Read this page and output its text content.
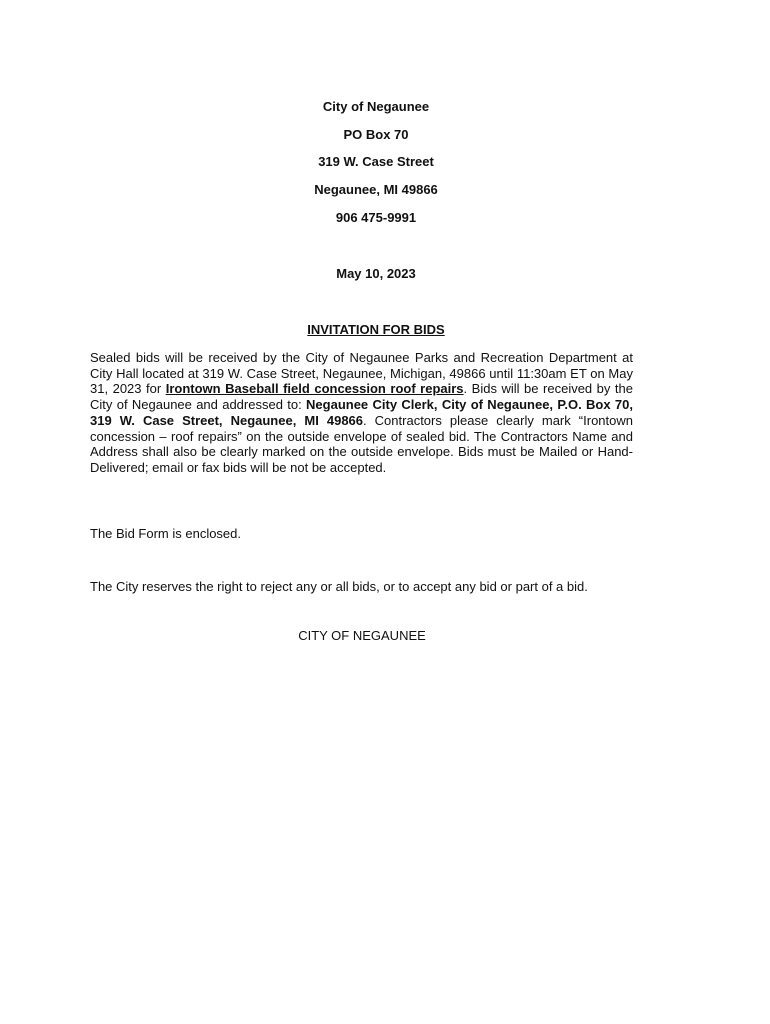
City of Negaunee
PO Box 70
319 W. Case Street
Negaunee, MI 49866
906 475-9991
May 10, 2023
INVITATION FOR BIDS
Sealed bids will be received by the City of Negaunee Parks and Recreation Department at City Hall located at 319 W. Case Street, Negaunee, Michigan, 49866 until 11:30am ET on May 31, 2023 for Irontown Baseball field concession roof repairs. Bids will be received by the City of Negaunee and addressed to: Negaunee City Clerk, City of Negaunee, P.O. Box 70, 319 W. Case Street, Negaunee, MI 49866. Contractors please clearly mark “Irontown concession – roof repairs” on the outside envelope of sealed bid. The Contractors Name and Address shall also be clearly marked on the outside envelope. Bids must be Mailed or Hand-Delivered; email or fax bids will be not be accepted.
The Bid Form is enclosed.
The City reserves the right to reject any or all bids, or to accept any bid or part of a bid.
CITY OF NEGAUNEE
